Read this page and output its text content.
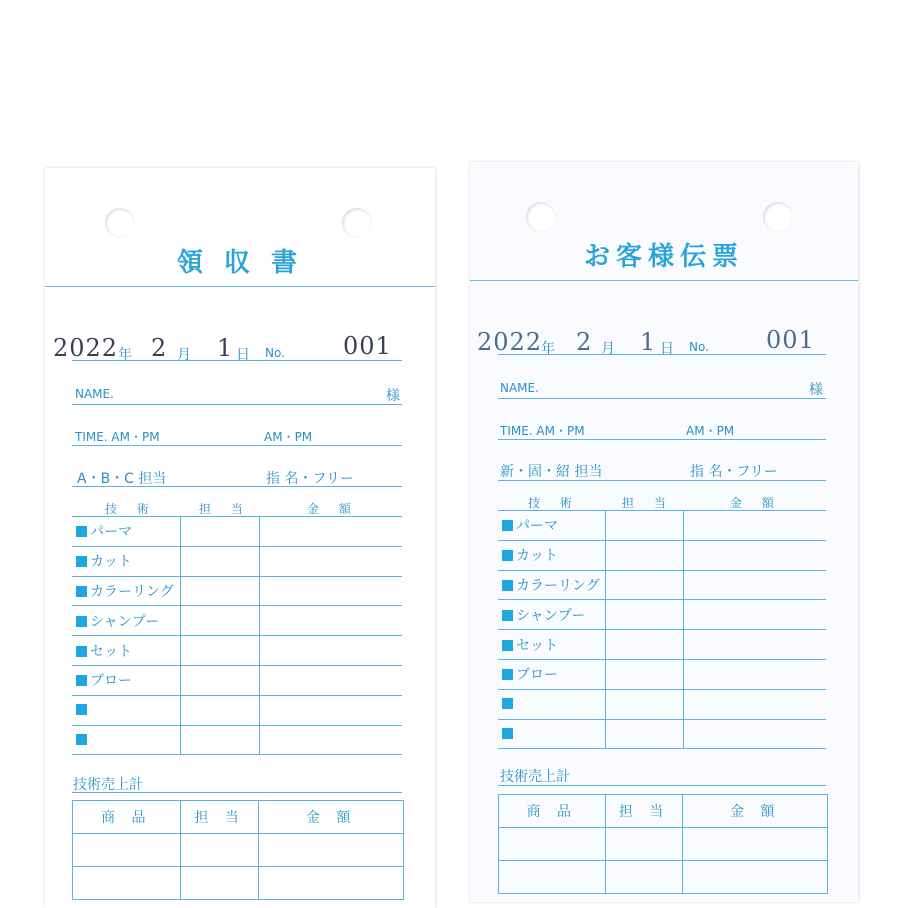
領 収 書
2022 年 2 月 1 日 No. 001
NAME.	様
TIME. AM・PM	AM・PM
A・B・C 担当	指 名・フリー
技 術	担 当	金 額
パーマ		
カット		
カラーリング		
シャンプー		
セット		
ブロー		

技術売上計
商 品	担 当	金 額

お客様伝票
2022
年 2 月 1 日 No. 001
NAME.	様
TIME. AM・PM	AM・PM
新・固・紹 担当	指 名・フリー
技 術	担 当	金 額
パーマ		
カット		
カラーリング		
シャンプー		
セット		
ブロー		

技術売上計
商 品	担 当	金 額
